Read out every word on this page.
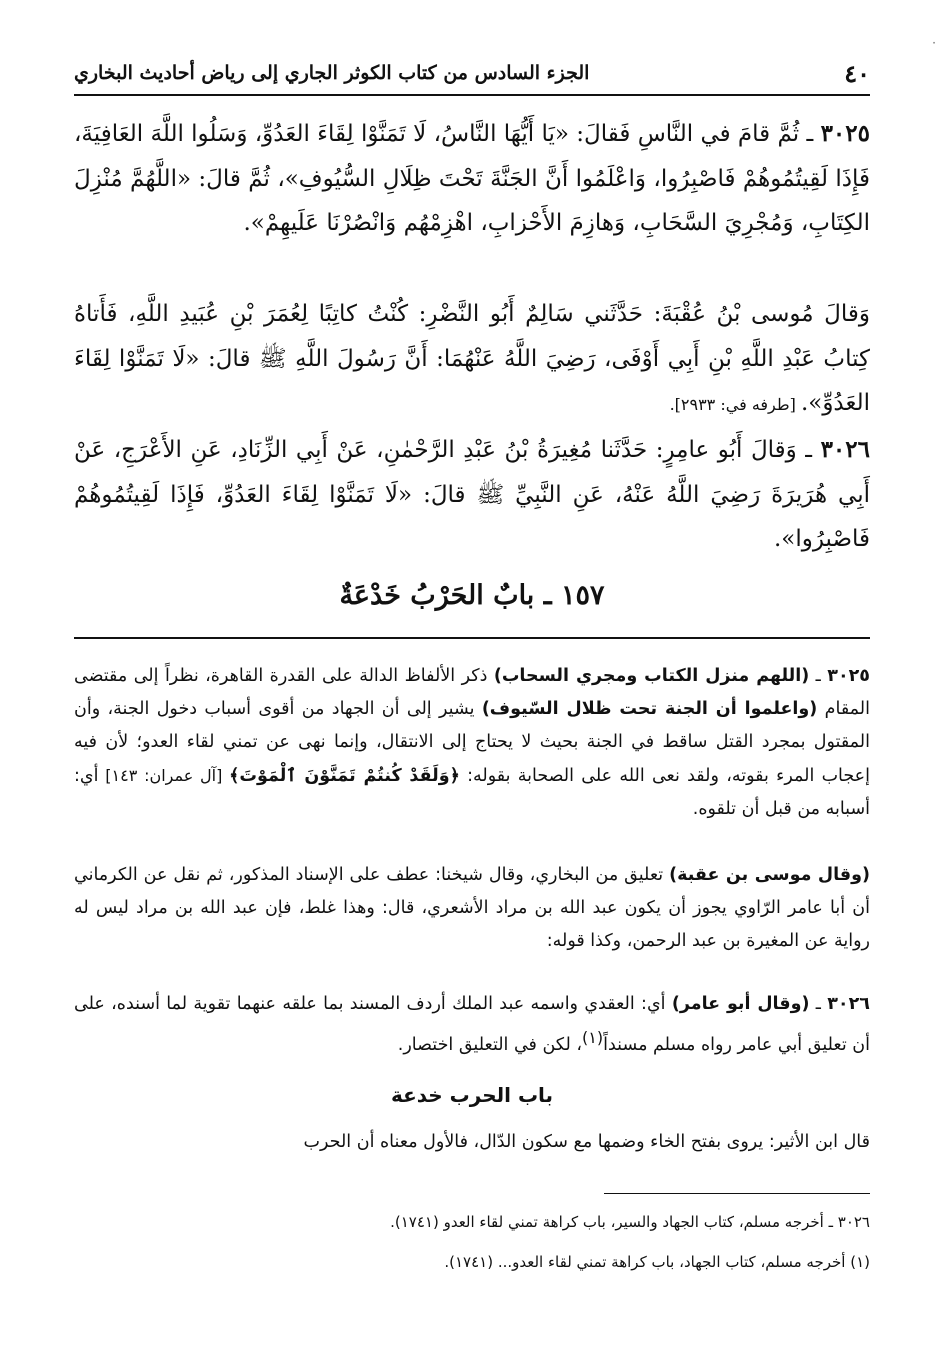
·
٤٠
الجزء السادس من كتاب الكوثر الجاري إلى رياض أحاديث البخاري

٣٠٢٥ ـ ثُمَّ قامَ في النَّاسِ فَقالَ: «يَا أَيُّهَا النَّاسُ، لَا تَمَنَّوْا لِقَاءَ العَدُوِّ، وَسَلُوا اللَّهَ العَافِيَةَ، فَإِذَا لَقِيتُمُوهُمْ فَاصْبِرُوا، وَاعْلَمُوا أَنَّ الجَنَّةَ تَحْتَ ظِلَالِ السُّيُوفِ»، ثُمَّ قالَ: «اللَّهُمَّ مُنْزِلَ الكِتَابِ، وَمُجْرِيَ السَّحَابِ، وَهازِمَ الأَحْزابِ، اهْزِمْهُم وَانْصُرْنَا عَلَيهِمْ».

وَقالَ مُوسى بْنُ عُقْبَةَ: حَدَّثَني سَالِمٌ أَبُو النَّضْرِ: كُنْتُ كاتِبًا لِعُمَرَ بْنِ عُبَيدِ اللَّهِ، فَأَتاهُ كِتابُ عَبْدِ اللَّهِ بْنِ أَبِي أَوْفَى، رَضِيَ اللَّهُ عَنْهُمَا: أَنَّ رَسُولَ اللَّهِ ﷺ قالَ: «لَا تَمَنَّوْا لِقَاءَ العَدُوِّ». [طرفه في: ٢٩٣٣].

٣٠٢٦ ـ وَقالَ أَبُو عامِرٍ: حَدَّثَنا مُغِيرَةُ بْنُ عَبْدِ الرَّحْمٰنِ، عَنْ أَبِي الزِّنَادِ، عَنِ الأَعْرَجِ، عَنْ أَبِي هُرَيرَةَ رَضِيَ اللَّهُ عَنْهُ، عَنِ النَّبِيِّ ﷺ قالَ: «لَا تَمَنَّوْا لِقَاءَ العَدُوِّ، فَإِذَا لَقِيتُمُوهُمْ فَاصْبِرُوا».

١٥٧ ـ بابٌ الحَرْبُ خَدْعَةٌ

٣٠٢٥ ـ (اللهم منزل الكتاب ومجري السحاب) ذكر الألفاظ الدالة على القدرة القاهرة، نظراً إلى مقتضى المقام (واعلموا أن الجنة تحت ظلال السّيوف) يشير إلى أن الجهاد من أقوى أسباب دخول الجنة، وأن المقتول بمجرد القتل ساقط في الجنة بحيث لا يحتاج إلى الانتقال، وإنما نهى عن تمني لقاء العدو؛ لأن فيه إعجاب المرء بقوته، ولقد نعى الله على الصحابة بقوله: ﴿وَلَقَدْ كُنتُمْ تَمَنَّوْنَ ٱلْمَوْتَ﴾ [آل عمران: ١٤٣] أي: أسبابه من قبل أن تلقوه.

(وقال موسى بن عقبة) تعليق من البخاري، وقال شيخنا: عطف على الإسناد المذكور، ثم نقل عن الكرماني أن أبا عامر الرّاوي يجوز أن يكون عبد الله بن مراد الأشعري، قال: وهذا غلط، فإن عبد الله بن مراد ليس له رواية عن المغيرة بن عبد الرحمن، وكذا قوله:

٣٠٢٦ ـ (وقال أبو عامر) أي: العقدي واسمه عبد الملك أردف المسند بما علقه عنهما تقوية لما أسنده، على أن تعليق أبي عامر رواه مسلم مسنداً$^{(١)}$، لكن في التعليق اختصار.

باب الحرب خدعة

قال ابن الأثير: يروى بفتح الخاء وضمها مع سكون الدّال، فالأول معناه أن الحرب

٣٠٢٦ ـ أخرجه مسلم، كتاب الجهاد والسير، باب كراهة تمني لقاء العدو (١٧٤١).

(١) أخرجه مسلم، كتاب الجهاد، باب كراهة تمني لقاء العدو... (١٧٤١).
